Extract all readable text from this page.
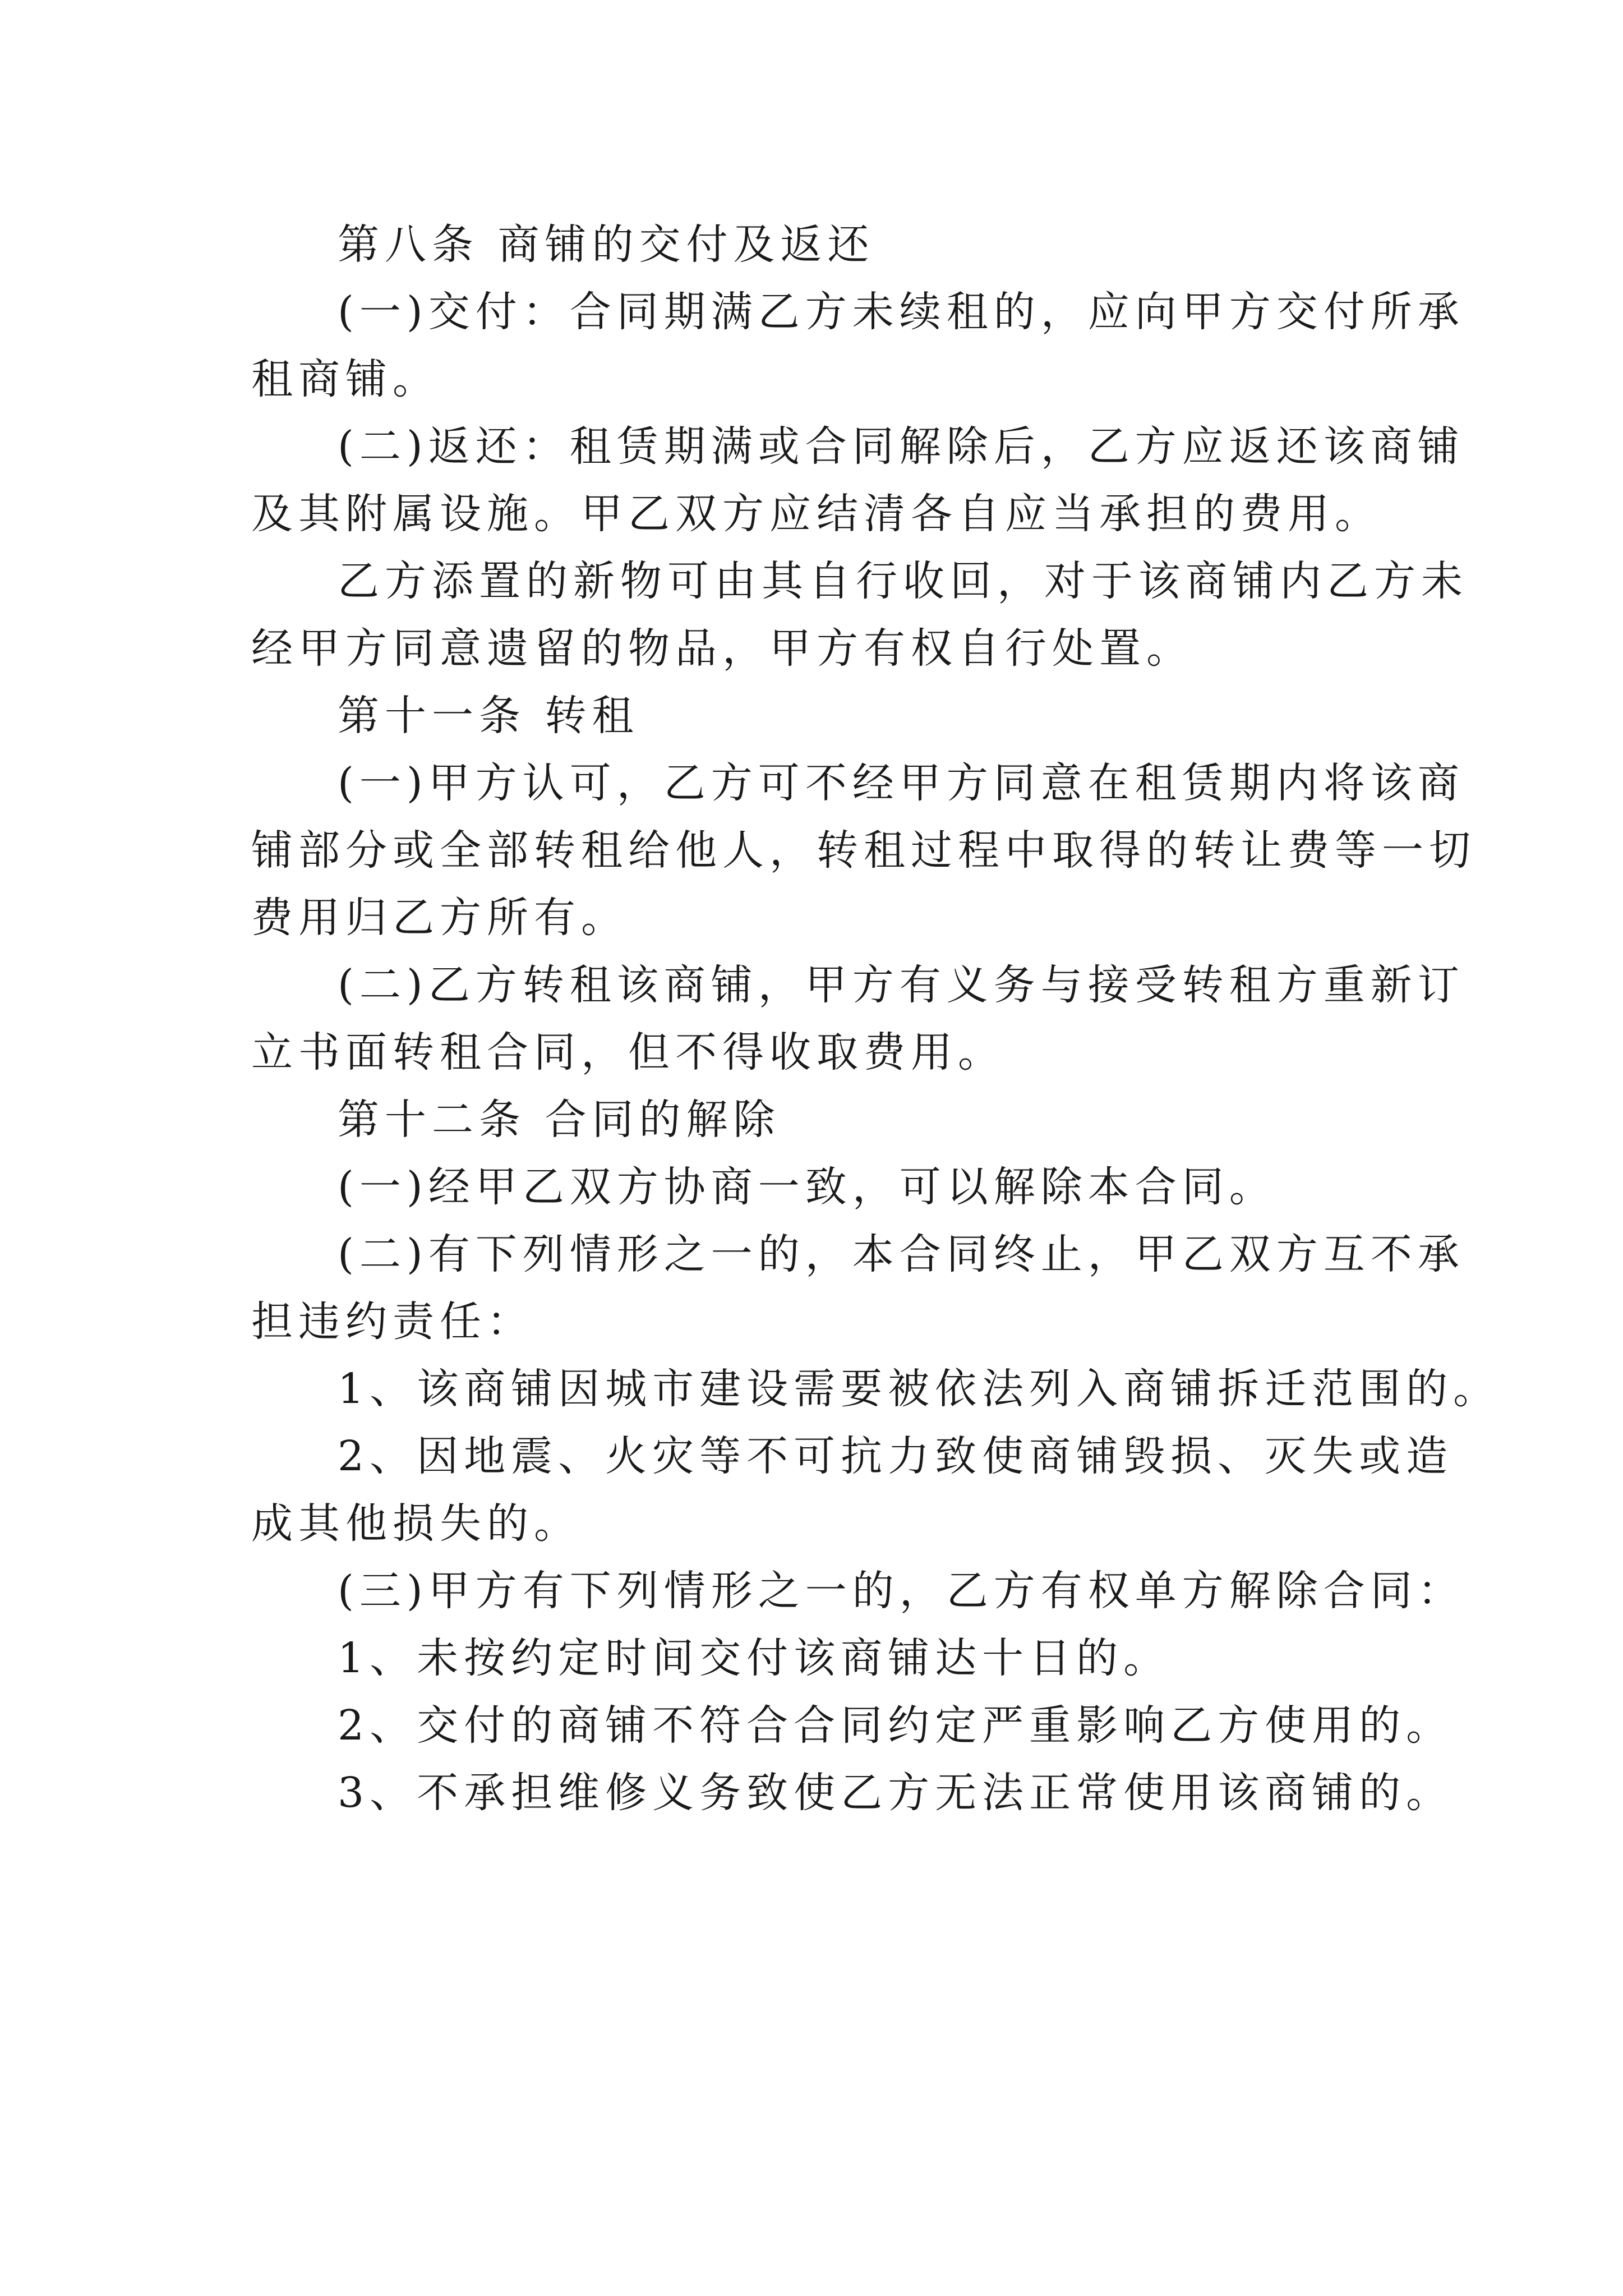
第八条 商铺的交付及返还
(一)交付：合同期满乙方未续租的，应向甲方交付所承
租商铺。
(二)返还：租赁期满或合同解除后，乙方应返还该商铺
及其附属设施。甲乙双方应结清各自应当承担的费用。
乙方添置的新物可由其自行收回，对于该商铺内乙方未
经甲方同意遗留的物品，甲方有权自行处置。
第十一条 转租
(一)甲方认可，乙方可不经甲方同意在租赁期内将该商
铺部分或全部转租给他人，转租过程中取得的转让费等一切
费用归乙方所有。
(二)乙方转租该商铺，甲方有义务与接受转租方重新订
立书面转租合同，但不得收取费用。
第十二条 合同的解除
(一)经甲乙双方协商一致，可以解除本合同。
(二)有下列情形之一的，本合同终止，甲乙双方互不承
担违约责任：
1、该商铺因城市建设需要被依法列入商铺拆迁范围的。
2、因地震、火灾等不可抗力致使商铺毁损、灭失或造
成其他损失的。
(三)甲方有下列情形之一的，乙方有权单方解除合同：
1、未按约定时间交付该商铺达十日的。
2、交付的商铺不符合合同约定严重影响乙方使用的。
3、不承担维修义务致使乙方无法正常使用该商铺的。
